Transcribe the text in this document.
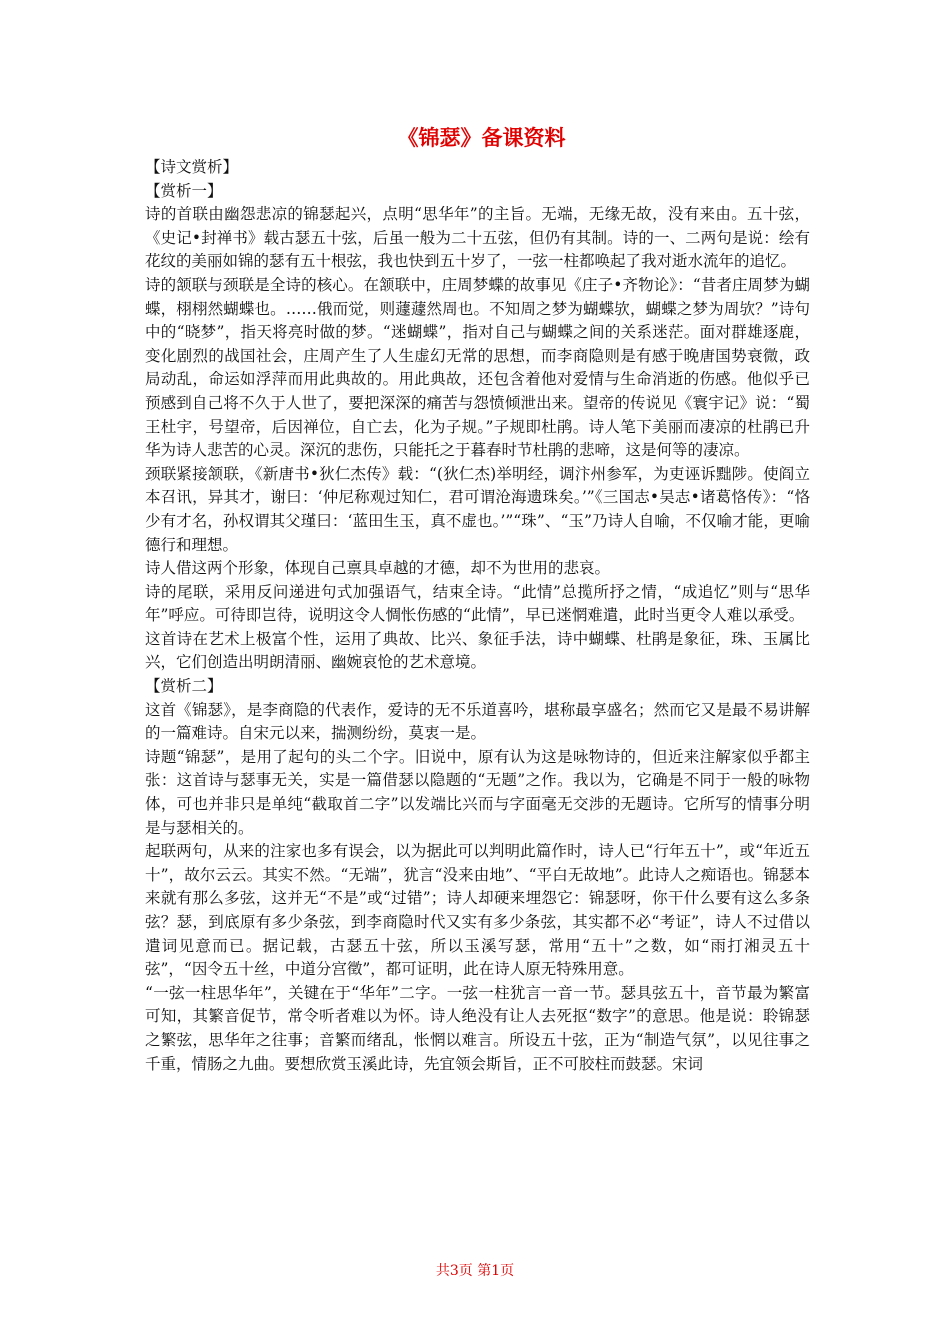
《锦瑟》备课资料

【诗文赏析】

【赏析一】

诗的首联由幽怨悲凉的锦瑟起兴，点明“思华年”的主旨。无端，无缘无故，没有来由。五十弦，《史记•封禅书》载古瑟五十弦，后虽一般为二十五弦，但仍有其制。诗的一、二两句是说：绘有花纹的美丽如锦的瑟有五十根弦，我也快到五十岁了，一弦一柱都唤起了我对逝水流年的追忆。

诗的颔联与颈联是全诗的核心。在颔联中，庄周梦蝶的故事见《庄子•齐物论》：“昔者庄周梦为蝴蝶，栩栩然蝴蝶也。……俄而觉，则蘧蘧然周也。不知周之梦为蝴蝶欤，蝴蝶之梦为周欤？”诗句中的“晓梦”，指天将亮时做的梦。“迷蝴蝶”，指对自己与蝴蝶之间的关系迷茫。面对群雄逐鹿，变化剧烈的战国社会，庄周产生了人生虚幻无常的思想，而李商隐则是有感于晚唐国势衰微，政局动乱，命运如浮萍而用此典故的。用此典故，还包含着他对爱情与生命消逝的伤感。他似乎已预感到自己将不久于人世了，要把深深的痛苦与怨愤倾泄出来。望帝的传说见《寰宇记》说：“蜀王杜宇，号望帝，后因禅位，自亡去，化为子规。”子规即杜鹃。诗人笔下美丽而凄凉的杜鹃已升华为诗人悲苦的心灵。深沉的悲伤，只能托之于暮春时节杜鹃的悲啼，这是何等的凄凉。

颈联紧接颔联，《新唐书•狄仁杰传》载：“(狄仁杰)举明经，调汴州参军，为吏诬诉黜陟。使阎立本召讯，异其才，谢曰：‘仲尼称观过知仁，君可谓沧海遗珠矣。’”《三国志•吴志•诸葛恪传》：“恪少有才名，孙权谓其父瑾曰：‘蓝田生玉，真不虚也。’”“珠”、“玉”乃诗人自喻，不仅喻才能，更喻德行和理想。

诗人借这两个形象，体现自己禀具卓越的才德，却不为世用的悲哀。

诗的尾联，采用反问递进句式加强语气，结束全诗。“此情”总揽所抒之情，“成追忆”则与“思华年”呼应。可待即岂待，说明这令人惆怅伤感的“此情”，早已迷惘难遣，此时当更令人难以承受。

这首诗在艺术上极富个性，运用了典故、比兴、象征手法，诗中蝴蝶、杜鹃是象征，珠、玉属比兴，它们创造出明朗清丽、幽婉哀怆的艺术意境。

【赏析二】

这首《锦瑟》，是李商隐的代表作，爱诗的无不乐道喜吟，堪称最享盛名；然而它又是最不易讲解的一篇难诗。自宋元以来，揣测纷纷，莫衷一是。

诗题“锦瑟”，是用了起句的头二个字。旧说中，原有认为这是咏物诗的，但近来注解家似乎都主张：这首诗与瑟事无关，实是一篇借瑟以隐题的“无题”之作。我以为，它确是不同于一般的咏物体，可也并非只是单纯“截取首二字”以发端比兴而与字面毫无交涉的无题诗。它所写的情事分明是与瑟相关的。

起联两句，从来的注家也多有误会，以为据此可以判明此篇作时，诗人已“行年五十”，或“年近五十”，故尔云云。其实不然。“无端”，犹言“没来由地”、“平白无故地”。此诗人之痴语也。锦瑟本来就有那么多弦，这并无“不是”或“过错”；诗人却硬来埋怨它：锦瑟呀，你干什么要有这么多条弦？瑟，到底原有多少条弦，到李商隐时代又实有多少条弦，其实都不必“考证”，诗人不过借以遣词见意而已。据记载，古瑟五十弦，所以玉溪写瑟，常用“五十”之数，如“雨打湘灵五十弦”，“因令五十丝，中道分宫徵”，都可证明，此在诗人原无特殊用意。

“一弦一柱思华年”，关键在于“华年”二字。一弦一柱犹言一音一节。瑟具弦五十，音节最为繁富可知，其繁音促节，常令听者难以为怀。诗人绝没有让人去死抠“数字”的意思。他是说：聆锦瑟之繁弦，思华年之往事；音繁而绪乱，怅惘以难言。所设五十弦，正为“制造气氛”，以见往事之千重，情肠之九曲。要想欣赏玉溪此诗，先宜领会斯旨，正不可胶柱而鼓瑟。宋词

共3页 第1页
